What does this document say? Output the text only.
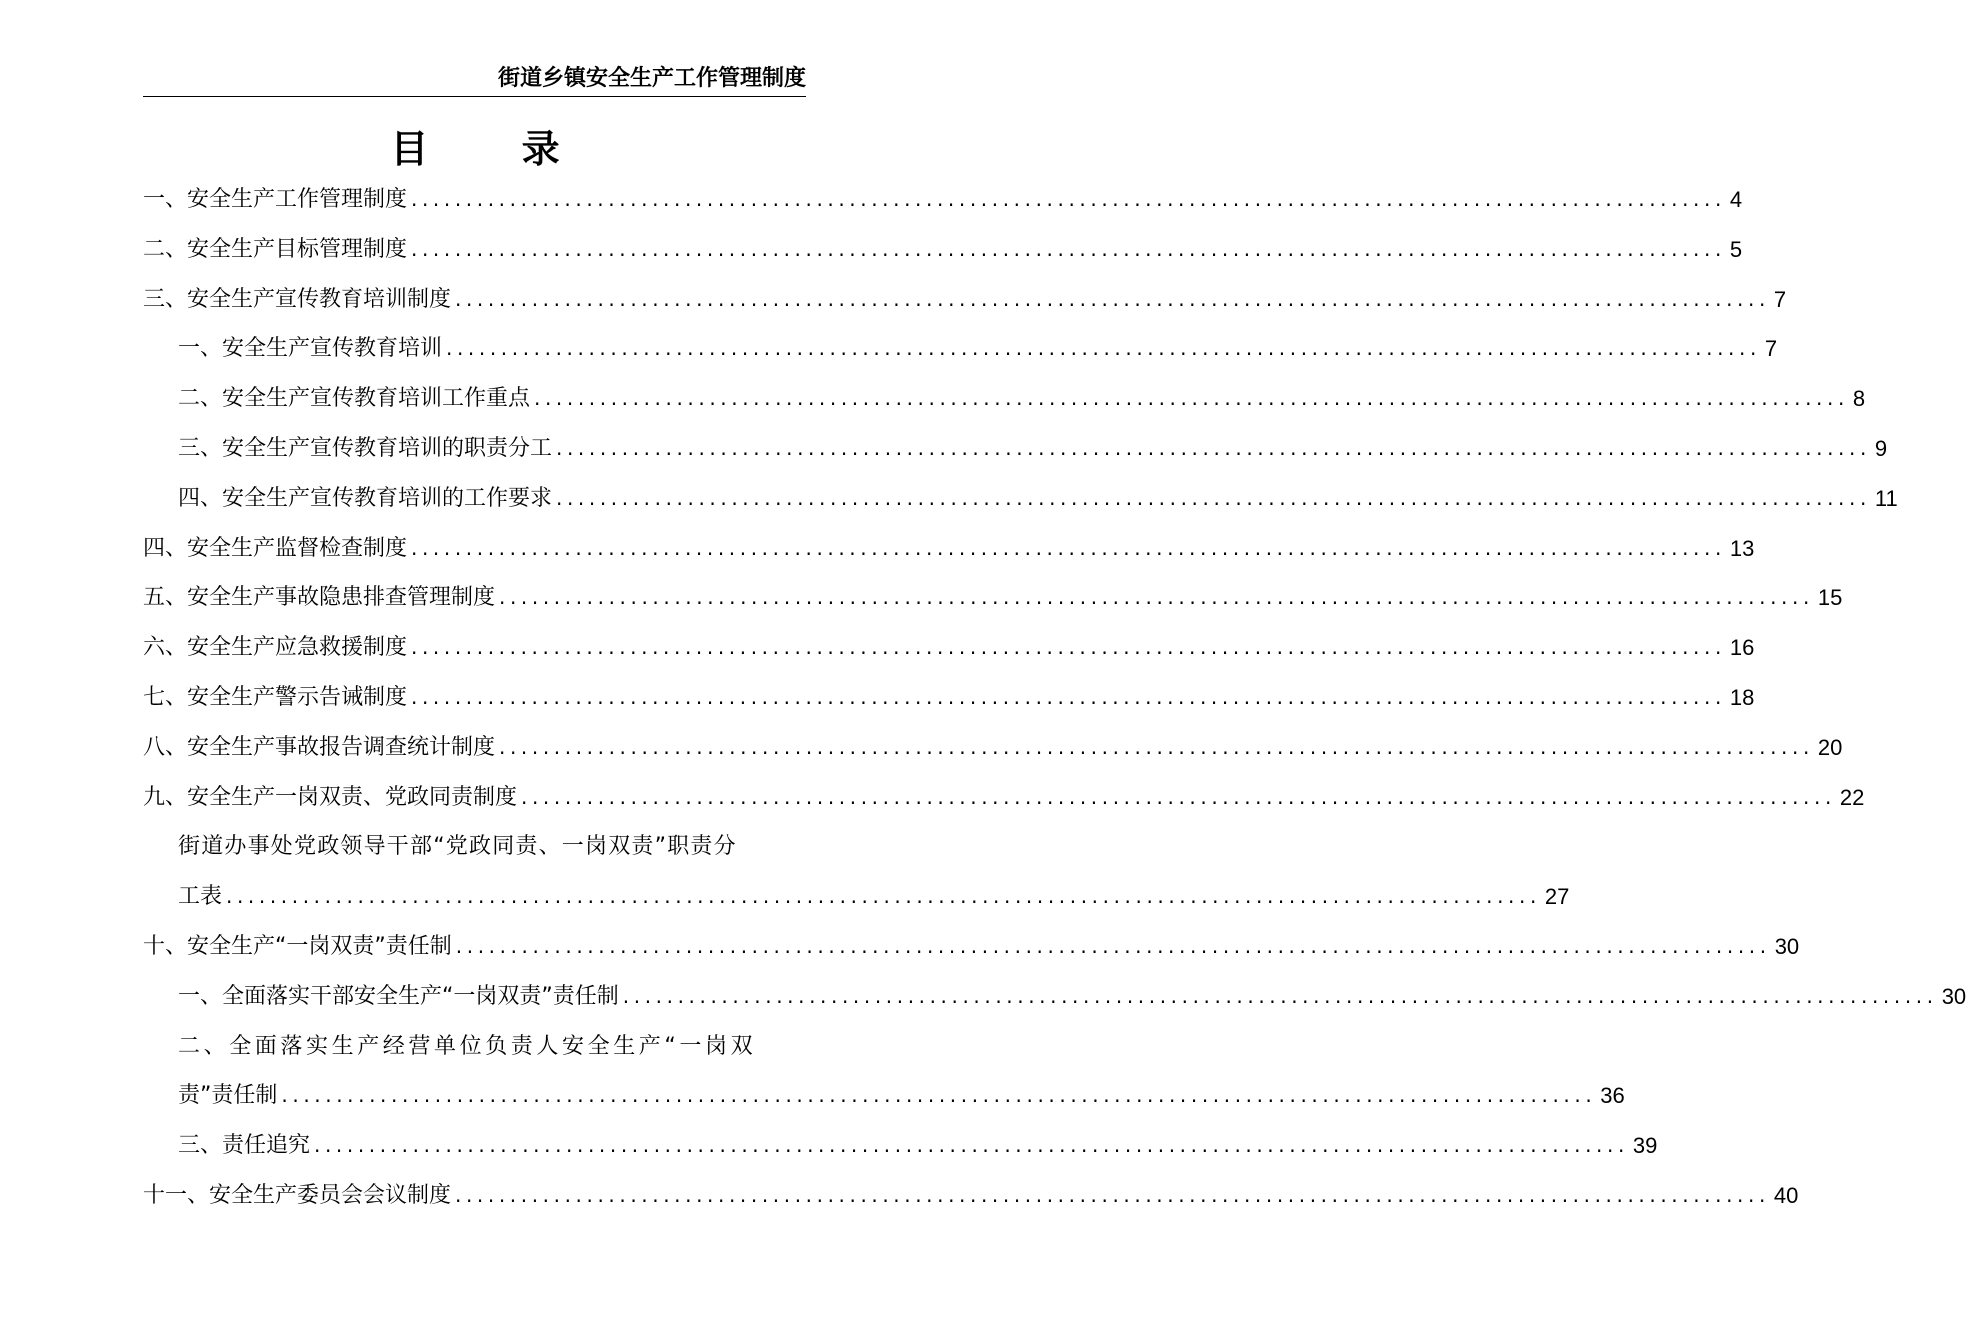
街道乡镇安全生产工作管理制度
目 录
一、安全生产工作管理制度 ........................................................................................................................ 4
二、安全生产目标管理制度 ........................................................................................................................ 5
三、安全生产宣传教育培训制度 ........................................................................................................................ 7
一、安全生产宣传教育培训 ........................................................................................................................ 7
二、安全生产宣传教育培训工作重点 ........................................................................................................................ 8
三、安全生产宣传教育培训的职责分工 ........................................................................................................................ 9
四、安全生产宣传教育培训的工作要求 ........................................................................................................................ 11
四、安全生产监督检查制度 ........................................................................................................................ 13
五、安全生产事故隐患排查管理制度 ........................................................................................................................ 15
六、安全生产应急救援制度 ........................................................................................................................ 16
七、安全生产警示告诫制度 ........................................................................................................................ 18
八、安全生产事故报告调查统计制度 ........................................................................................................................ 20
九、安全生产一岗双责、党政同责制度 ........................................................................................................................ 22
街道办事处党政领导干部“党政同责、一岗双责”职责分
工表 ........................................................................................................................ 27
十、安全生产“一岗双责”责任制 ........................................................................................................................ 30
一、全面落实干部安全生产“一岗双责”责任制 ........................................................................................................................ 30
二、全面落实生产经营单位负责人安全生产“一岗双
责”责任制 ........................................................................................................................ 36
三、责任追究 ........................................................................................................................ 39
十一、安全生产委员会会议制度 ........................................................................................................................ 40
